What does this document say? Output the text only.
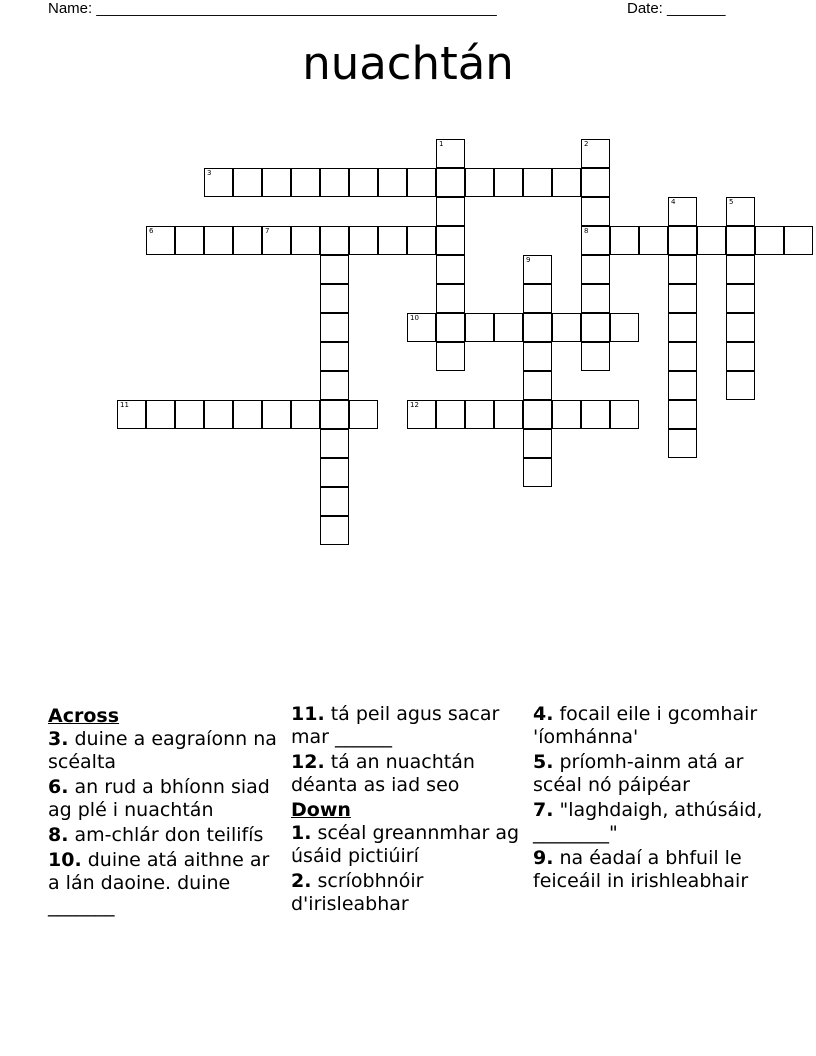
Name: ________________________________________________	Date: _______
nuachtán
1	2
3
4	5
6	7	8
9
10
11	12
Across
3. duine a eagraíonn na scéalta
6. an rud a bhíonn siad ag plé i nuachtán
8. am-chlár don teilifís
10. duine atá aithne ar a lán daoine. duine _______
11. tá peil agus sacar mar ______
12. tá an nuachtán déanta as iad seo
Down
1. scéal greannmhar ag úsáid pictiúirí
2. scríobhnóir d'irisleabhar
4. focail eile i gcomhair 'íomhánna'
5. príomh-ainm atá ar scéal nó páipéar
7. "laghdaigh, athúsáid, ________"
9. na éadaí a bhfuil le feiceáil in irishleabhair
